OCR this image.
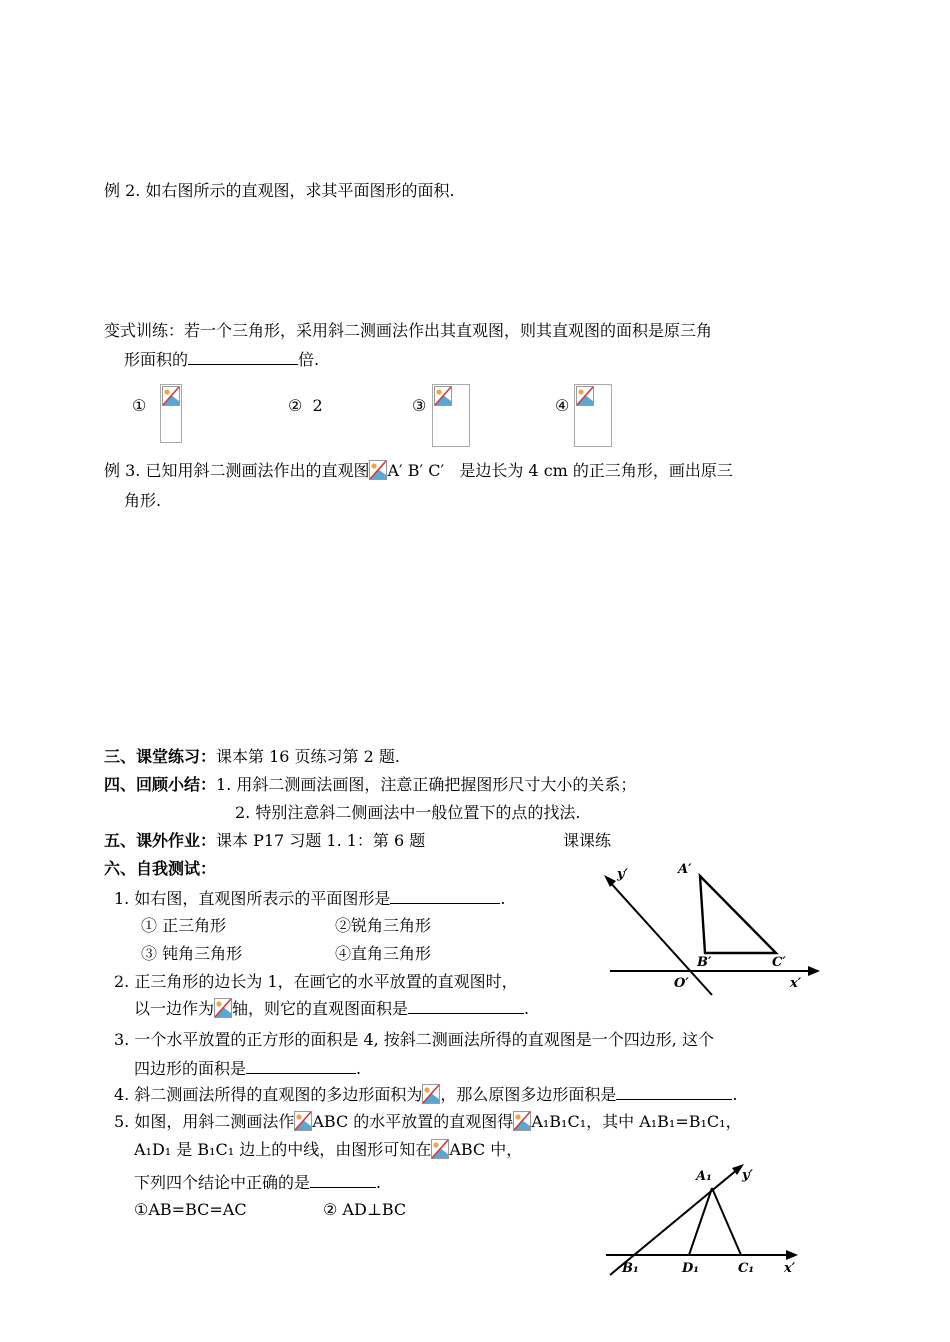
例 2. 如右图所示的直观图，求其平面图形的面积.
变式训练：若一个三角形，采用斜二测画法作出其直观图，则其直观图的面积是原三角
形面积的	倍.
①	② 2	③	④
例 3. 已知用斜二测画法作出的直观图 A′ B′ C′ 是边长为 4 cm 的正三角形，画出原三
角形.
三、课堂练习：课本第 16 页练习第 2 题.
四、回顾小结：1. 用斜二测画法画图，注意正确把握图形尺寸大小的关系；
2. 特别注意斜二侧画法中一般位置下的点的找法.
五、课外作业：课本 P17 习题 1. 1：第 6 题	课课练
六、自我测试：
1. 如右图，直观图所表示的平面图形是	.
① 正三角形	②锐角三角形
③ 钝角三角形	④直角三角形
2. 正三角形的边长为 1，在画它的水平放置的直观图时，
以一边作为 轴，则它的直观图面积是	.
3. 一个水平放置的正方形的面积是 4, 按斜二测画法所得的直观图是一个四边形, 这个
四边形的面积是	.
4. 斜二测画法所得的直观图的多边形面积为 ，那么原图多边形面积是	.
5. 如图，用斜二测画法作 ABC 的水平放置的直观图得 A₁B₁C₁，其中 A₁B₁=B₁C₁，
A₁D₁ 是 B₁C₁ 边上的中线，由图形可知在 ABC 中，
下列四个结论中正确的是	.
①AB=BC=AC	② AD⊥BC
y′	A′
B′	C′
O′	x′
A₁ y′
B₁	D₁	C₁ x′
